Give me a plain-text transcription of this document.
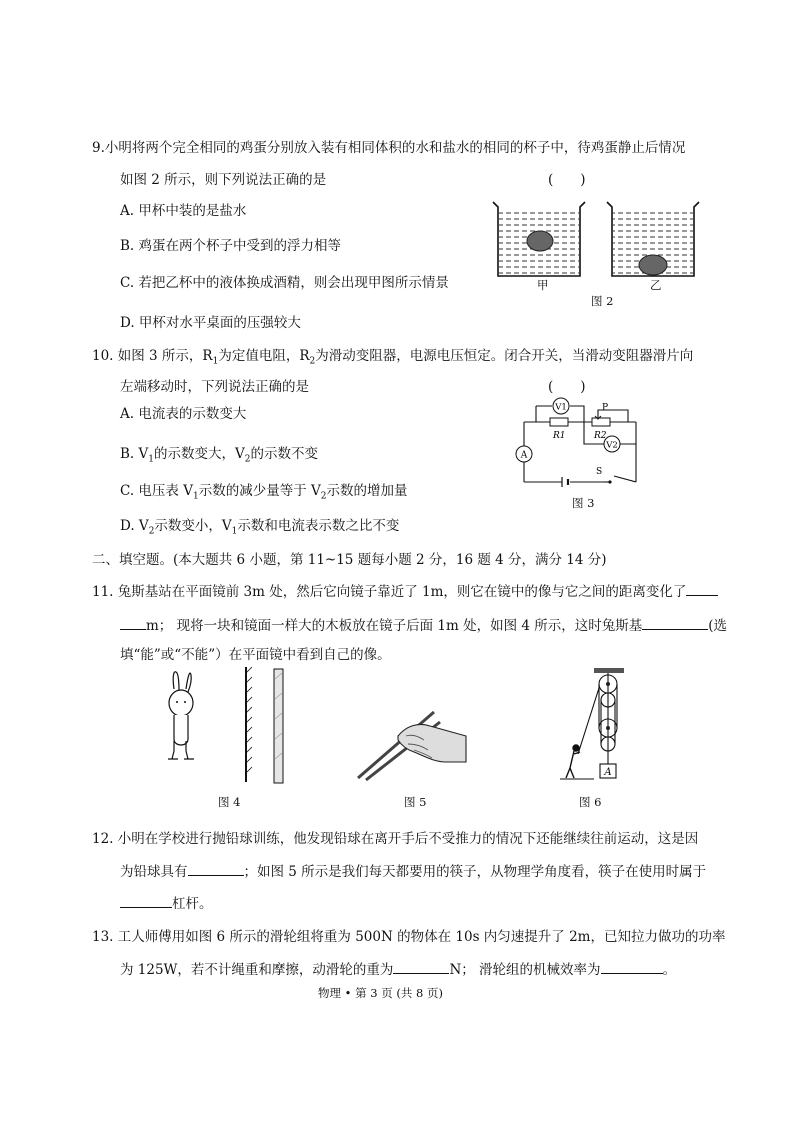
9.小明将两个完全相同的鸡蛋分别放入装有相同体积的水和盐水的相同的杯子中，待鸡蛋静止后情况
如图 2 所示，则下列说法正确的是	(　　)
A. 甲杯中装的是盐水
B. 鸡蛋在两个杯子中受到的浮力相等
C. 若把乙杯中的液体换成酒精，则会出现甲图所示情景
D. 甲杯对水平桌面的压强较大
甲	乙
图 2
10. 如图 3 所示，$R_1$为定值电阻，$R_2$为滑动变阻器，电源电压恒定。闭合开关，当滑动变阻器滑片向
左端移动时，下列说法正确的是	(　　)
A. 电流表的示数变大
B. $V_1$的示数变大，$V_2$的示数不变
C. 电压表 $V_1$示数的减少量等于 $V_2$示数的增加量
D. $V_2$示数变小，$V_1$示数和电流表示数之比不变
V1
V2
A
R1	R2
P
S
图 3
二、填空题。(本大题共 6 小题，第 11~15 题每小题 2 分，16 题 4 分，满分 14 分)
11. 兔斯基站在平面镜前 3m 处，然后它向镜子靠近了 1m，则它在镜中的像与它之间的距离变化了
m； 现将一块和镜面一样大的木板放在镜子后面 1m 处，如图 4 所示，这时兔斯基	(选
填“能”或“不能”）在平面镜中看到自己的像。
图 4	图 5
A
图 6
12. 小明在学校进行抛铅球训练，他发现铅球在离开手后不受推力的情况下还能继续往前运动，这是因
为铅球具有	；如图 5 所示是我们每天都要用的筷子，从物理学角度看，筷子在使用时属于
杠杆。
13. 工人师傅用如图 6 所示的滑轮组将重为 500N 的物体在 10s 内匀速提升了 2m，已知拉力做功的功率
为 125W，若不计绳重和摩擦，动滑轮的重为	N； 滑轮组的机械效率为	。
物理 • 第 3 页 (共 8 页)
